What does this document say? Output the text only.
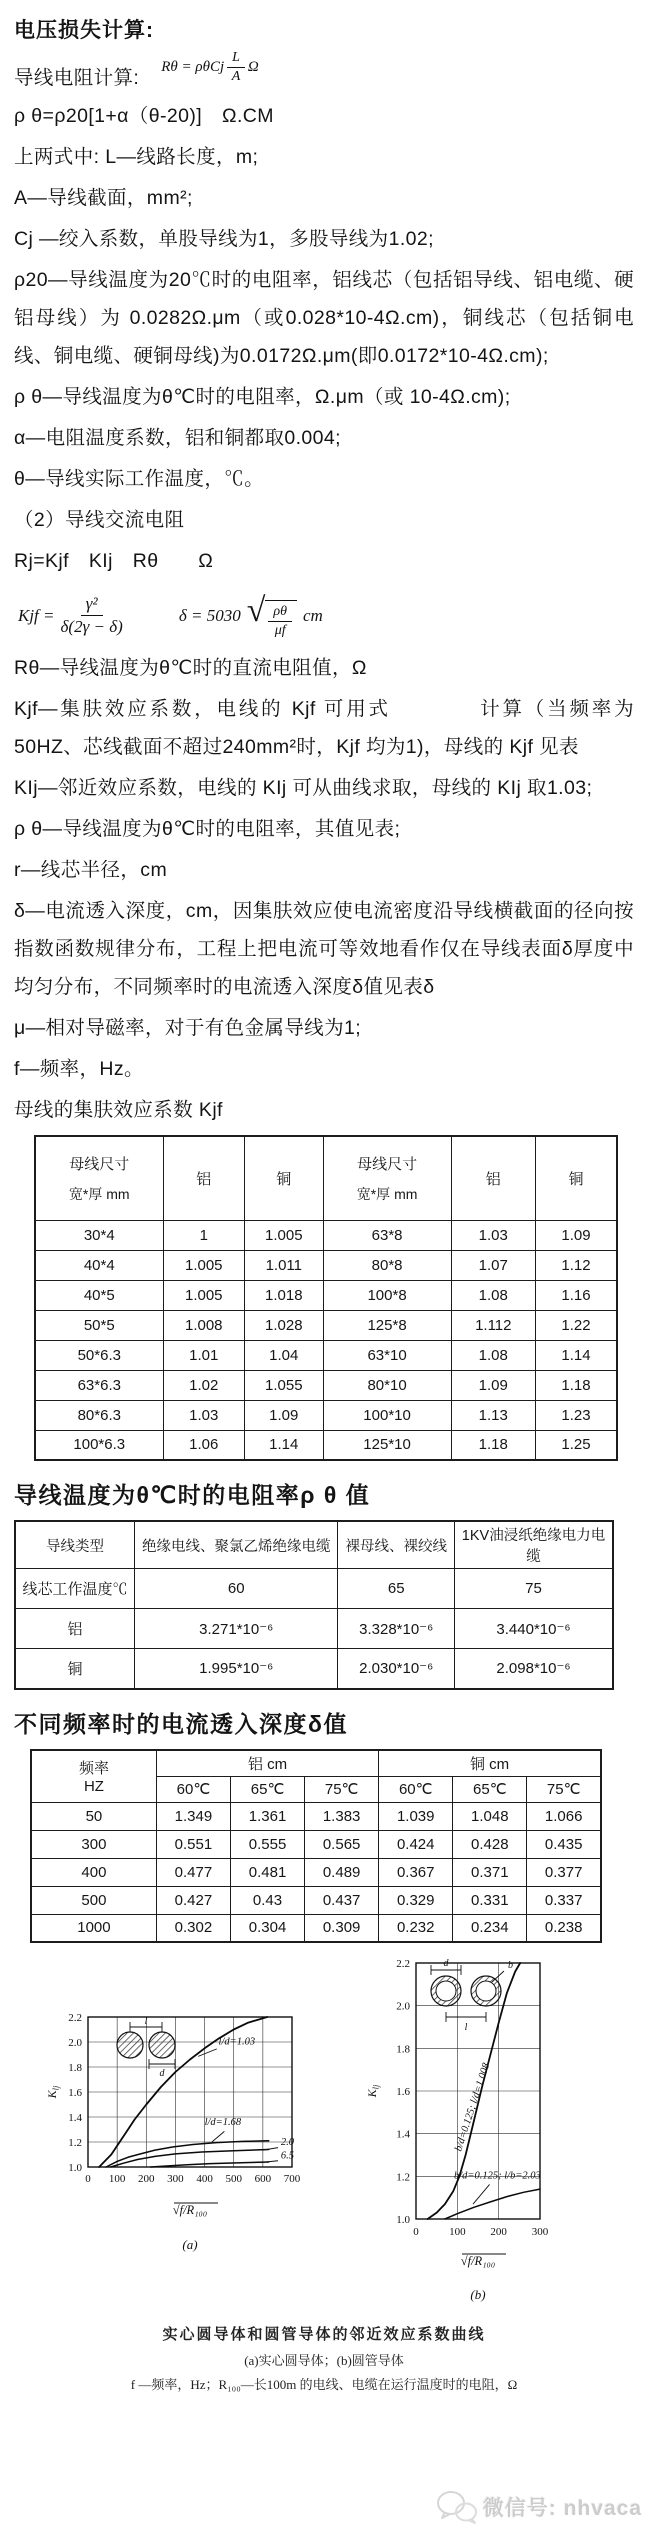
电压损失计算:
导线电阻计算: Rθ = ρθCj $\frac{L}{A}$ Ω
ρ θ=ρ20[1+α（θ-20)]　Ω.CM
上两式中: L—线路长度，m;
A—导线截面，mm²;
Cj —绞入系数，单股导线为1，多股导线为1.02;
ρ20—导线温度为20℃时的电阻率，铝线芯（包括铝导线、铝电缆、硬铝母线）为 0.0282Ω.μm（或0.028*10-4Ω.cm)，铜线芯（包括铜电线、铜电缆、硬铜母线)为0.0172Ω.μm(即0.0172*10-4Ω.cm);
ρ θ—导线温度为θ℃时的电阻率，Ω.μm（或 10-4Ω.cm);
α—电阻温度系数，铝和铜都取0.004;
θ—导线实际工作温度，℃。
（2）导线交流电阻
Rj=Kjf　KIj　Rθ　　Ω
Kjf = $\frac{\text{γ²}}{\delta(2\gamma - \delta)}$	δ = 5030 √ $\frac{\rho\theta}{\mu f}$ cm
Rθ—导线温度为θ℃时的直流电阻值，Ω
Kjf—集肤效应系数，电线的 Kjf 可用式　　　　计算（当频率为50HZ、芯线截面不超过240mm²时，Kjf 均为1)，母线的 Kjf 见表
KIj—邻近效应系数，电线的 KIj 可从曲线求取，母线的 KIj 取1.03;
ρ θ—导线温度为θ℃时的电阻率，其值见表;
r—线芯半径，cm
δ—电流透入深度，cm，因集肤效应使电流密度沿导线横截面的径向按指数函数规律分布，工程上把电流可等效地看作仅在导线表面δ厚度中均匀分布，不同频率时的电流透入深度δ值见表δ
μ—相对导磁率，对于有色金属导线为1;
f—频率，Hz。
母线的集肤效应系数 Kjf
母线尺寸
宽*厚 mm
	铝	铜	
母线尺寸
宽*厚 mm
	铝	铜
30*4	1	1.005	63*8	1.03	1.09
40*4	1.005	1.011	80*8	1.07	1.12
40*5	1.005	1.018	100*8	1.08	1.16
50*5	1.008	1.028	125*8	1.112	1.22
50*6.3	1.01	1.04	63*10	1.08	1.14
63*6.3	1.02	1.055	80*10	1.09	1.18
80*6.3	1.03	1.09	100*10	1.13	1.23
100*6.3	1.06	1.14	125*10	1.18	1.25
导线温度为θ℃时的电阻率ρ θ 值
导线类型	绝缘电线、聚氯乙烯绝缘电缆	裸母线、裸绞线	1KV油浸纸绝缘电力电缆
线芯工作温度℃	60	65	75
铝	3.271*10⁻⁶	3.328*10⁻⁶	3.440*10⁻⁶
铜	1.995*10⁻⁶	2.030*10⁻⁶	2.098*10⁻⁶
不同频率时的电流透入深度δ值
频率
HZ	铝 cm			铜 cm		
	60℃	65℃	75℃	60℃	65℃	75℃
50	1.349	1.361	1.383	1.039	1.048	1.066
300	0.551	0.555	0.565	0.424	0.428	0.435
400	0.477	0.481	0.489	0.367	0.371	0.377
500	0.427	0.43	0.437	0.329	0.331	0.337
1000	0.302	0.304	0.309	0.232	0.234	0.238
1.0
1.2
1.4
1.6
1.8
2.0
2.2
0 100 200 300 400 500 600 700
$K_{lj}$
√f/R₁₀₀
l/d=1.03
l/d=1.68
2.0
6.5
(a)
l
d
1.0
1.2
1.4
1.6
1.8
2.0
2.2
0	100 200 300
$K_{lj}$
√f/R₁₀₀
b/d=0.125; l/d=1.008
b/d=0.125; l/b=2.03
(b)
d	b
l
实心圆导体和圆管导体的邻近效应系数曲线
(a)实心圆导体；(b)圆管导体
f —频率，Hz；R₁₀₀—长100m 的电线、电缆在运行温度时的电阻，Ω
微信号: nhvaca
